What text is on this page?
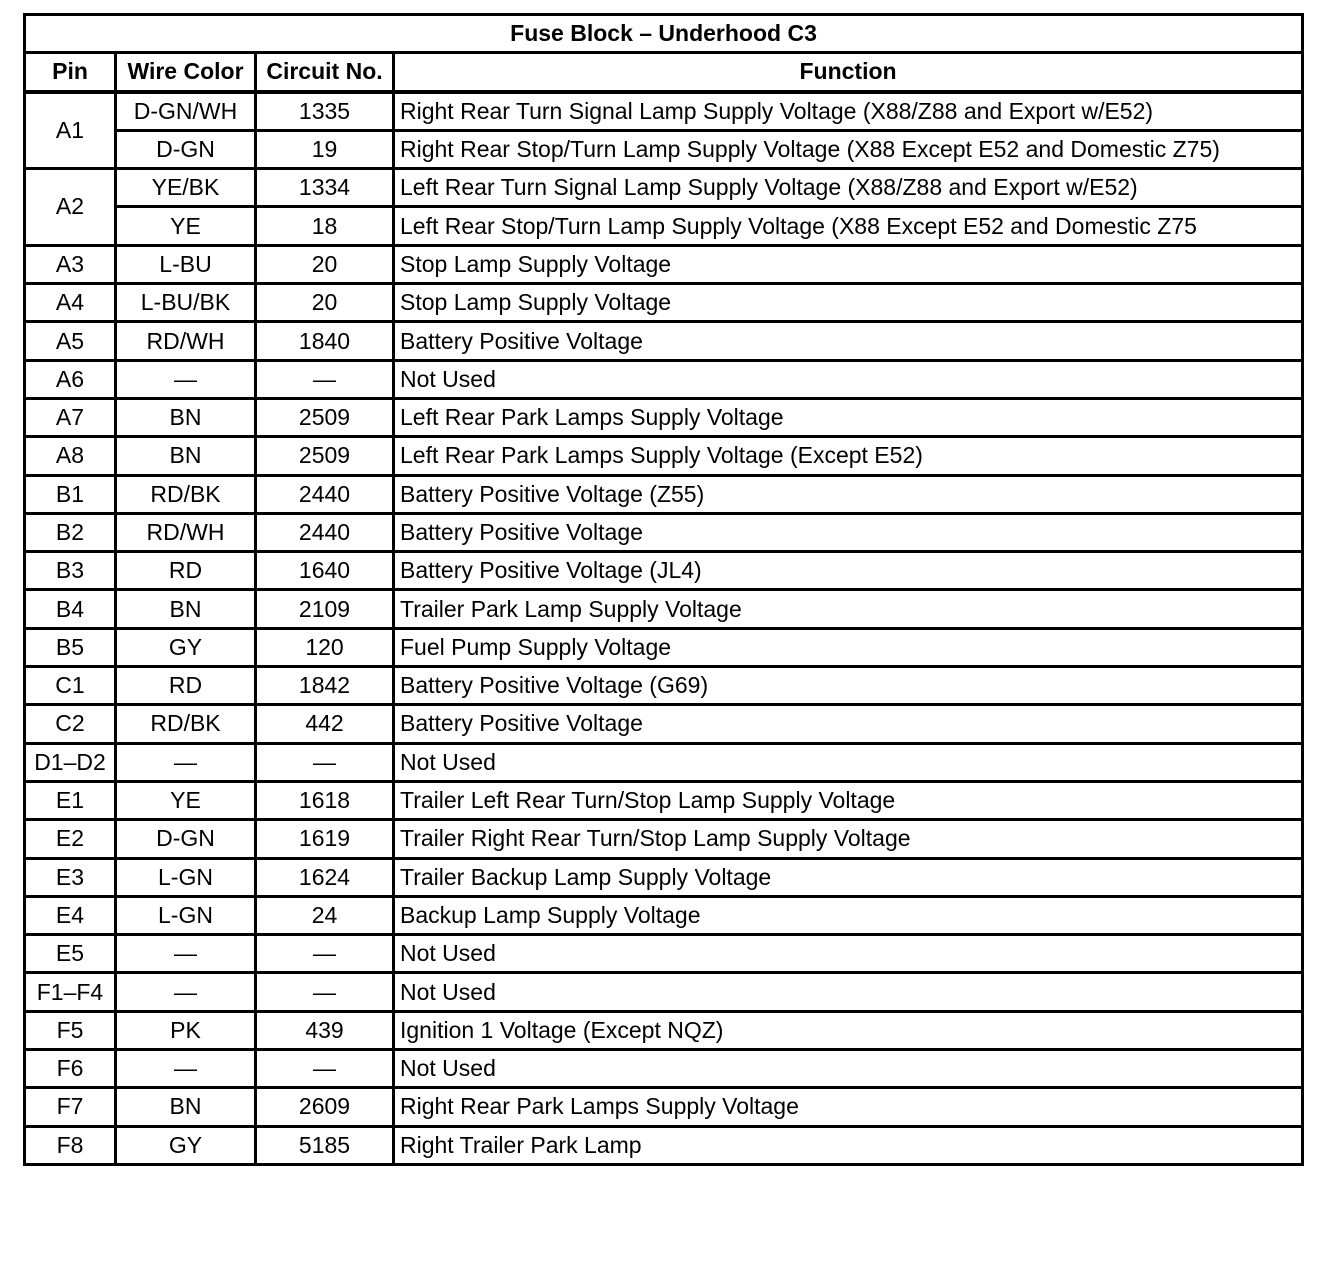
Fuse Block – Underhood C3			
Pin	Wire Color	Circuit No.	Function
A1	D-GN/WH	1335	Right Rear Turn Signal Lamp Supply Voltage (X88/Z88 and Export w/E52)
	D-GN	19	Right Rear Stop/Turn Lamp Supply Voltage (X88 Except E52 and Domestic Z75)
A2	YE/BK	1334	Left Rear Turn Signal Lamp Supply Voltage (X88/Z88 and Export w/E52)
	YE	18	Left Rear Stop/Turn Lamp Supply Voltage (X88 Except E52 and Domestic Z75
A3	L-BU	20	Stop Lamp Supply Voltage
A4	L-BU/BK	20	Stop Lamp Supply Voltage
A5	RD/WH	1840	Battery Positive Voltage
A6	—	—	Not Used
A7	BN	2509	Left Rear Park Lamps Supply Voltage
A8	BN	2509	Left Rear Park Lamps Supply Voltage (Except E52)
B1	RD/BK	2440	Battery Positive Voltage (Z55)
B2	RD/WH	2440	Battery Positive Voltage
B3	RD	1640	Battery Positive Voltage (JL4)
B4	BN	2109	Trailer Park Lamp Supply Voltage
B5	GY	120	Fuel Pump Supply Voltage
C1	RD	1842	Battery Positive Voltage (G69)
C2	RD/BK	442	Battery Positive Voltage
D1–D2	—	—	Not Used
E1	YE	1618	Trailer Left Rear Turn/Stop Lamp Supply Voltage
E2	D-GN	1619	Trailer Right Rear Turn/Stop Lamp Supply Voltage
E3	L-GN	1624	Trailer Backup Lamp Supply Voltage
E4	L-GN	24	Backup Lamp Supply Voltage
E5	—	—	Not Used
F1–F4	—	—	Not Used
F5	PK	439	Ignition 1 Voltage (Except NQZ)
F6	—	—	Not Used
F7	BN	2609	Right Rear Park Lamps Supply Voltage
F8	GY	5185	Right Trailer Park Lamp
